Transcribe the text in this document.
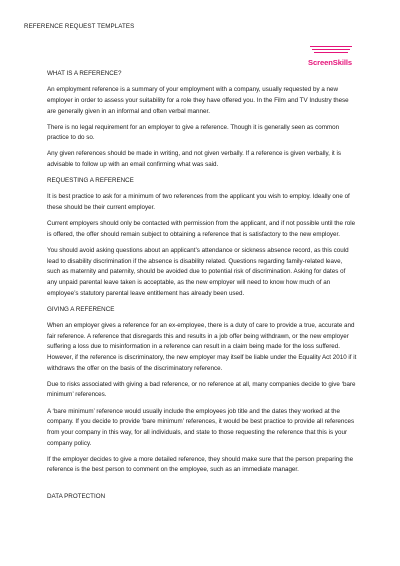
REFERENCE REQUEST TEMPLATES
ScreenSkills
WHAT IS A REFERENCE?

An employment reference is a summary of your employment with a company, usually requested by a new employer in order to assess your suitability for a role they have offered you. In the Film and TV Industry these are generally given in an informal and often verbal manner.

There is no legal requirement for an employer to give a reference. Though it is generally seen as common practice to do so.

Any given references should be made in writing, and not given verbally. If a reference is given verbally, it is advisable to follow up with an email confirming what was said.

REQUESTING A REFERENCE

It is best practice to ask for a minimum of two references from the applicant you wish to employ. Ideally one of these should be their current employer.

Current employers should only be contacted with permission from the applicant, and if not possible until the role is offered, the offer should remain subject to obtaining a reference that is satisfactory to the new employer.

You should avoid asking questions about an applicant’s attendance or sickness absence record, as this could lead to disability discrimination if the absence is disability related. Questions regarding family-related leave, such as maternity and paternity, should be avoided due to potential risk of discrimination. Asking for dates of any unpaid parental leave taken is acceptable, as the new employer will need to know how much of an employee’s statutory parental leave entitlement has already been used.

GIVING A REFERENCE

When an employer gives a reference for an ex-employee, there is a duty of care to provide a true, accurate and fair reference. A reference that disregards this and results in a job offer being withdrawn, or the new employer suffering a loss due to misinformation in a reference can result in a claim being made for the loss suffered. However, if the reference is discriminatory, the new employer may itself be liable under the Equality Act 2010 if it withdraws the offer on the basis of the discriminatory reference.

Due to risks associated with giving a bad reference, or no reference at all, many companies decide to give ‘bare minimum’ references.

A ‘bare minimum’ reference would usually include the employees job title and the dates they worked at the company. If you decide to provide ‘bare minimum’ references, it would be best practice to provide all references from your company in this way, for all individuals, and state to those requesting the reference that this is your company policy.

If the employer decides to give a more detailed reference, they should make sure that the person preparing the reference is the best person to comment on the employee, such as an immediate manager.

DATA PROTECTION
